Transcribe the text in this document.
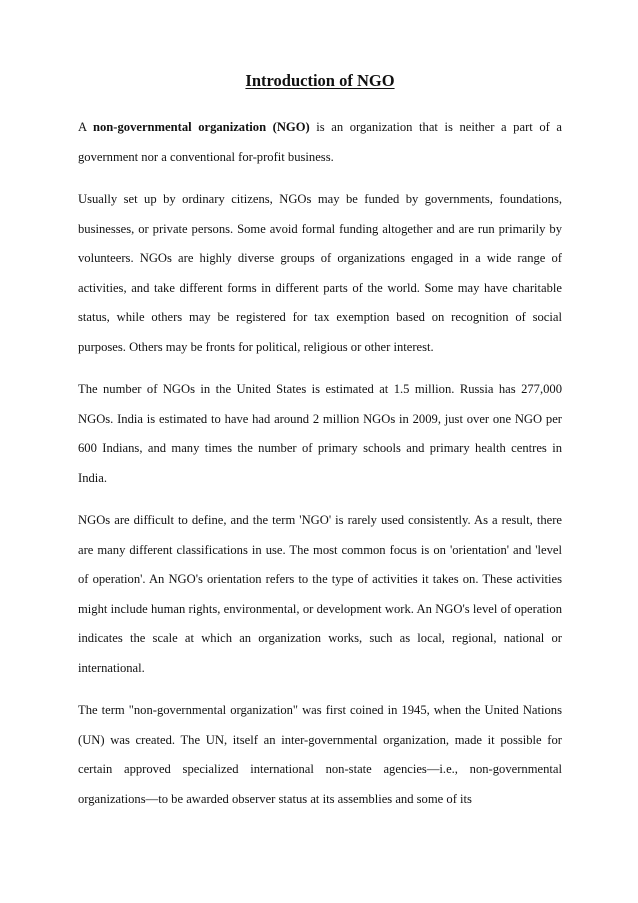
Introduction of NGO

A non-governmental organization (NGO) is an organization that is neither a part of a government nor a conventional for-profit business.

Usually set up by ordinary citizens, NGOs may be funded by governments, foundations, businesses, or private persons. Some avoid formal funding altogether and are run primarily by volunteers. NGOs are highly diverse groups of organizations engaged in a wide range of activities, and take different forms in different parts of the world. Some may have charitable status, while others may be registered for tax exemption based on recognition of social purposes. Others may be fronts for political, religious or other interest.

The number of NGOs in the United States is estimated at 1.5 million. Russia has 277,000 NGOs. India is estimated to have had around 2 million NGOs in 2009, just over one NGO per 600 Indians, and many times the number of primary schools and primary health centres in India.

NGOs are difficult to define, and the term 'NGO' is rarely used consistently. As a result, there are many different classifications in use. The most common focus is on 'orientation' and 'level of operation'. An NGO's orientation refers to the type of activities it takes on. These activities might include human rights, environmental, or development work. An NGO's level of operation indicates the scale at which an organization works, such as local, regional, national or international.

The term "non-governmental organization" was first coined in 1945, when the United Nations (UN) was created. The UN, itself an inter-governmental organization, made it possible for certain approved specialized international non-state agencies—i.e., non-governmental organizations—to be awarded observer status at its assemblies and some of its
